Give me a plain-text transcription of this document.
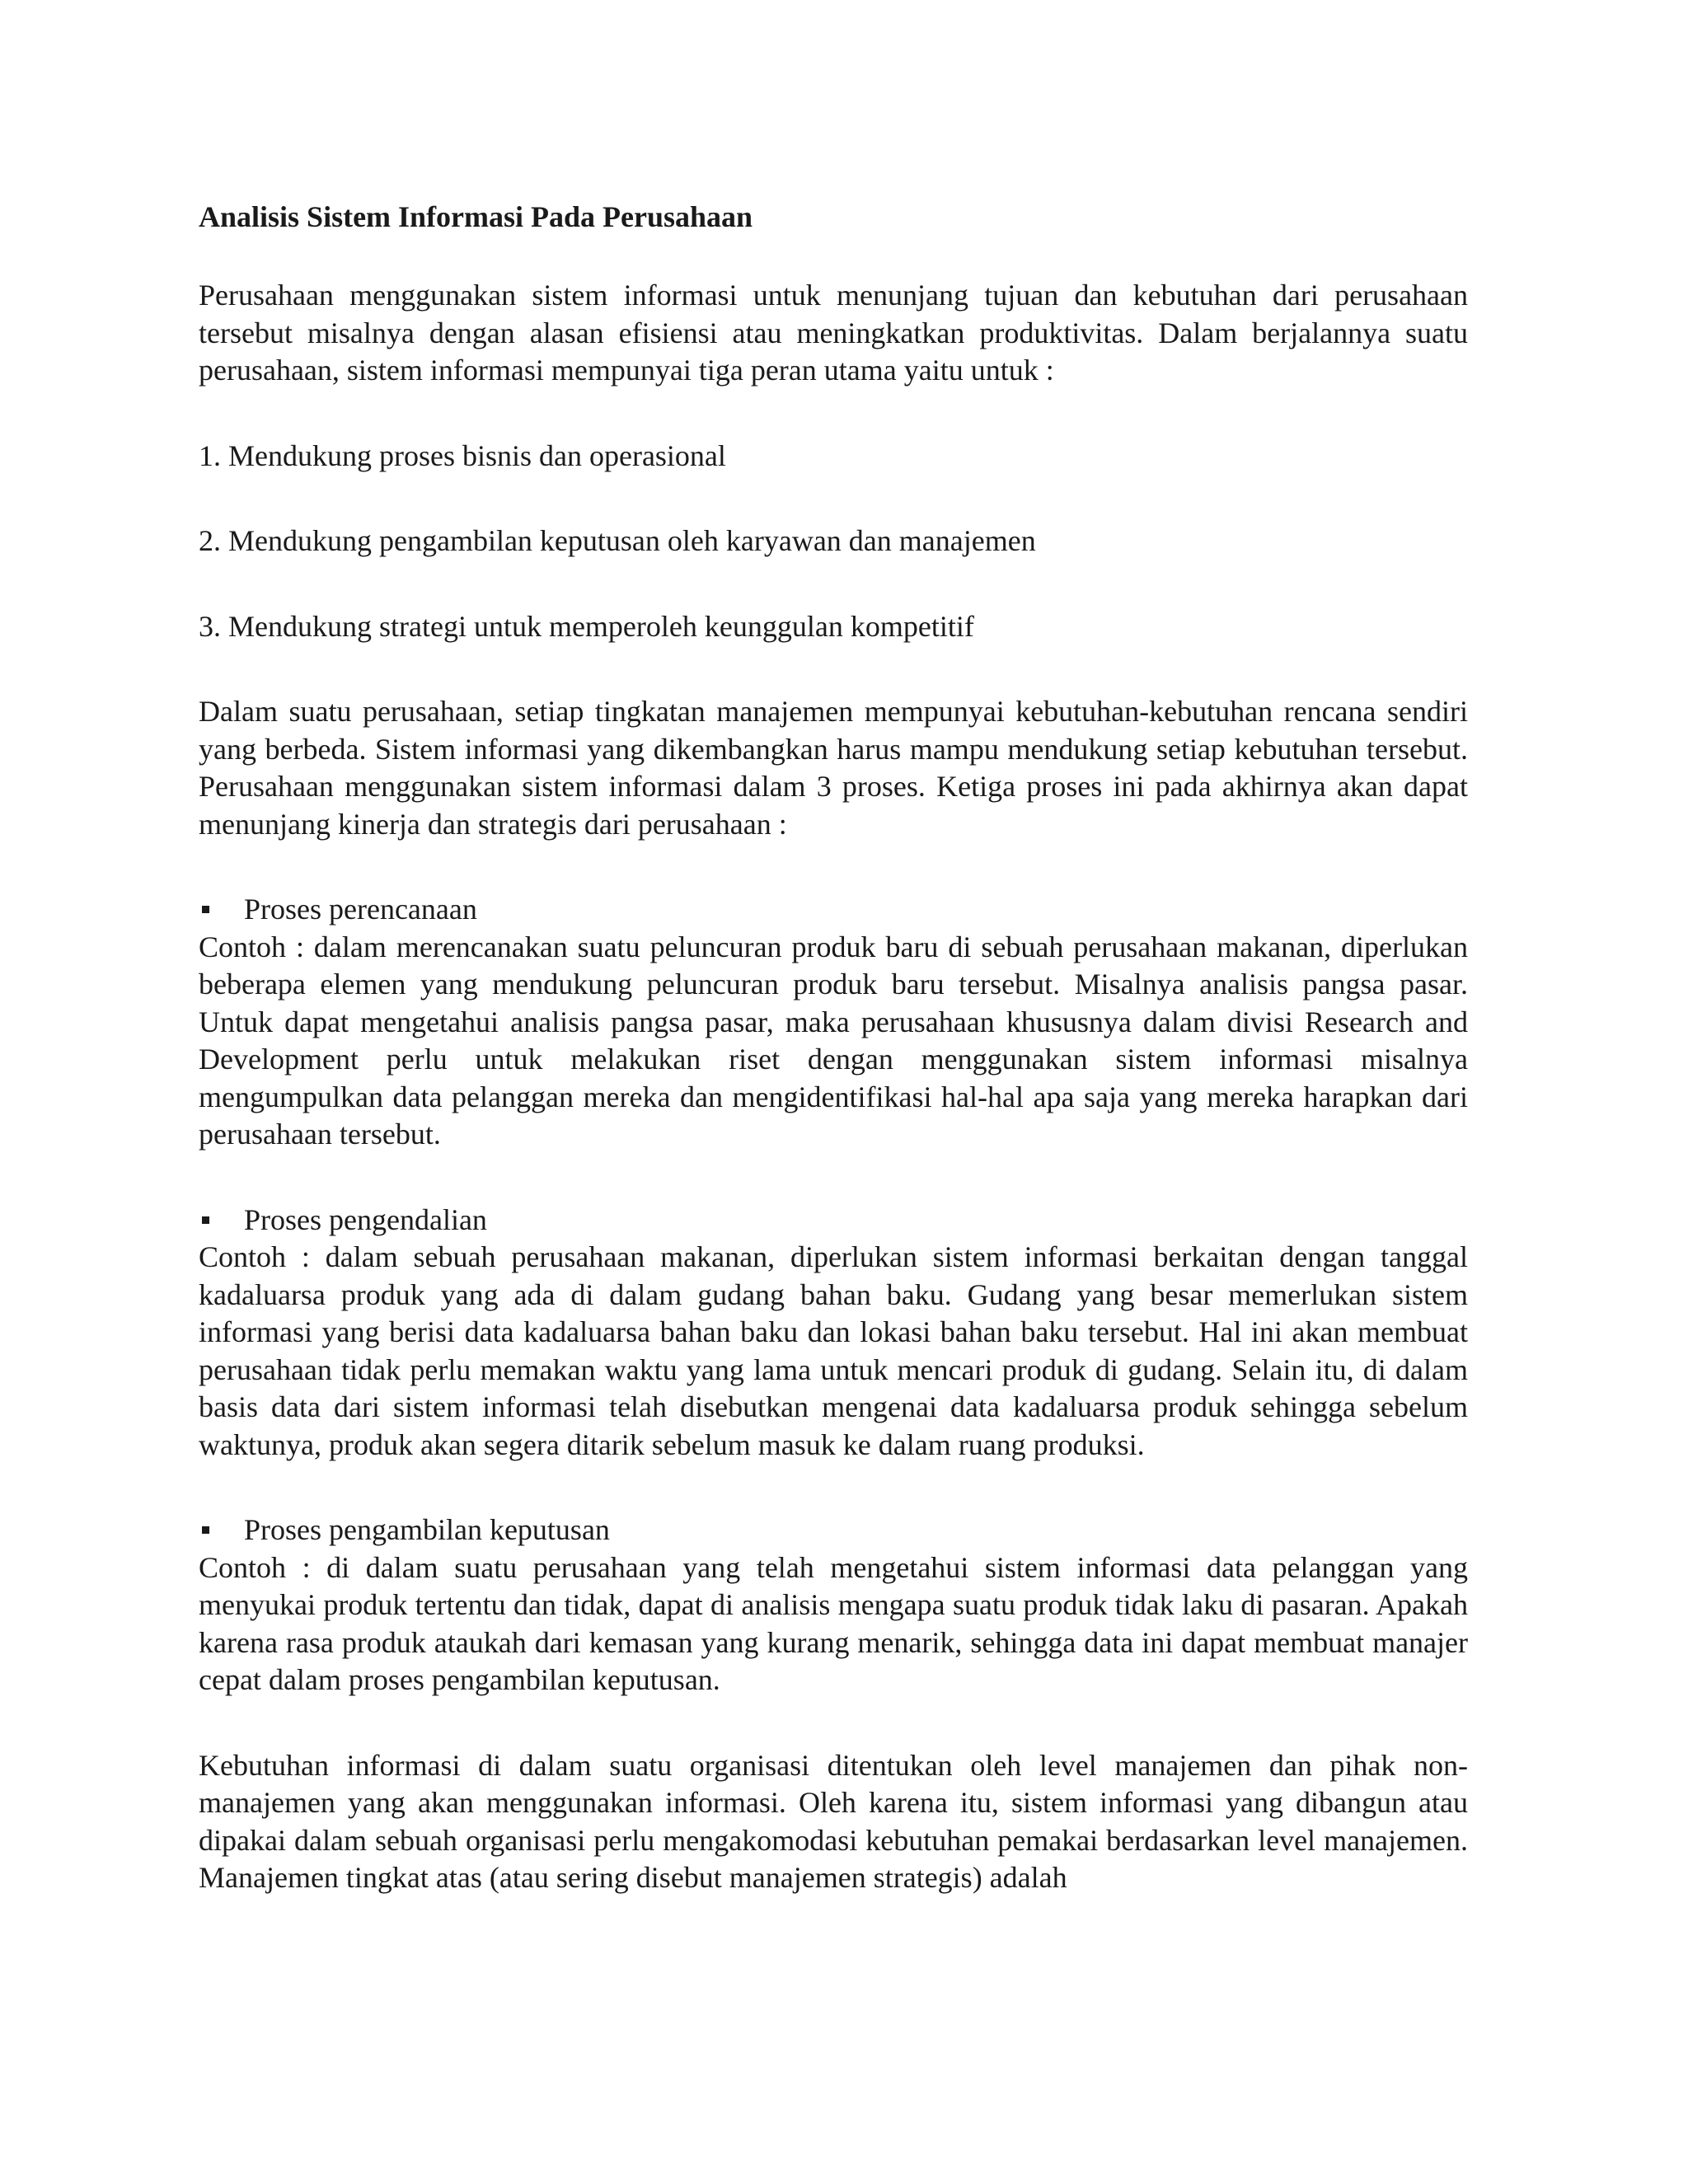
Analisis Sistem Informasi Pada Perusahaan

Perusahaan menggunakan sistem informasi untuk menunjang tujuan dan kebutuhan dari perusahaan tersebut misalnya dengan alasan efisiensi atau meningkatkan produktivitas. Dalam berjalannya suatu perusahaan, sistem informasi mempunyai tiga peran utama yaitu untuk :

1. Mendukung proses bisnis dan operasional

2. Mendukung pengambilan keputusan oleh karyawan dan manajemen

3. Mendukung strategi untuk memperoleh keunggulan kompetitif

Dalam suatu perusahaan, setiap tingkatan manajemen mempunyai kebutuhan-kebutuhan rencana sendiri yang berbeda. Sistem informasi yang dikembangkan harus mampu mendukung setiap kebutuhan tersebut. Perusahaan menggunakan sistem informasi dalam 3 proses. Ketiga proses ini pada akhirnya akan dapat menunjang kinerja dan strategis dari perusahaan :

Proses perencanaan

Contoh : dalam merencanakan suatu peluncuran produk baru di sebuah perusahaan makanan, diperlukan beberapa elemen yang mendukung peluncuran produk baru tersebut. Misalnya analisis pangsa pasar. Untuk dapat mengetahui analisis pangsa pasar, maka perusahaan khususnya dalam divisi Research and Development perlu untuk melakukan riset dengan menggunakan sistem informasi misalnya mengumpulkan data pelanggan mereka dan mengidentifikasi hal-hal apa saja yang mereka harapkan dari perusahaan tersebut.

Proses pengendalian

Contoh : dalam sebuah perusahaan makanan, diperlukan sistem informasi berkaitan dengan tanggal kadaluarsa produk yang ada di dalam gudang bahan baku. Gudang yang besar memerlukan sistem informasi yang berisi data kadaluarsa bahan baku dan lokasi bahan baku tersebut. Hal ini akan membuat perusahaan tidak perlu memakan waktu yang lama untuk mencari produk di gudang. Selain itu, di dalam basis data dari sistem informasi telah disebutkan mengenai data kadaluarsa produk sehingga sebelum waktunya, produk akan segera ditarik sebelum masuk ke dalam ruang produksi.

Proses pengambilan keputusan

Contoh : di dalam suatu perusahaan yang telah mengetahui sistem informasi data pelanggan yang menyukai produk tertentu dan tidak, dapat di analisis mengapa suatu produk tidak laku di pasaran. Apakah karena rasa produk ataukah dari kemasan yang kurang menarik, sehingga data ini dapat membuat manajer cepat dalam proses pengambilan keputusan.

Kebutuhan informasi di dalam suatu organisasi ditentukan oleh level manajemen dan pihak non-manajemen yang akan menggunakan informasi. Oleh karena itu, sistem informasi yang dibangun atau dipakai dalam sebuah organisasi perlu mengakomodasi kebutuhan pemakai berdasarkan level manajemen. Manajemen tingkat atas (atau sering disebut manajemen strategis) adalah
